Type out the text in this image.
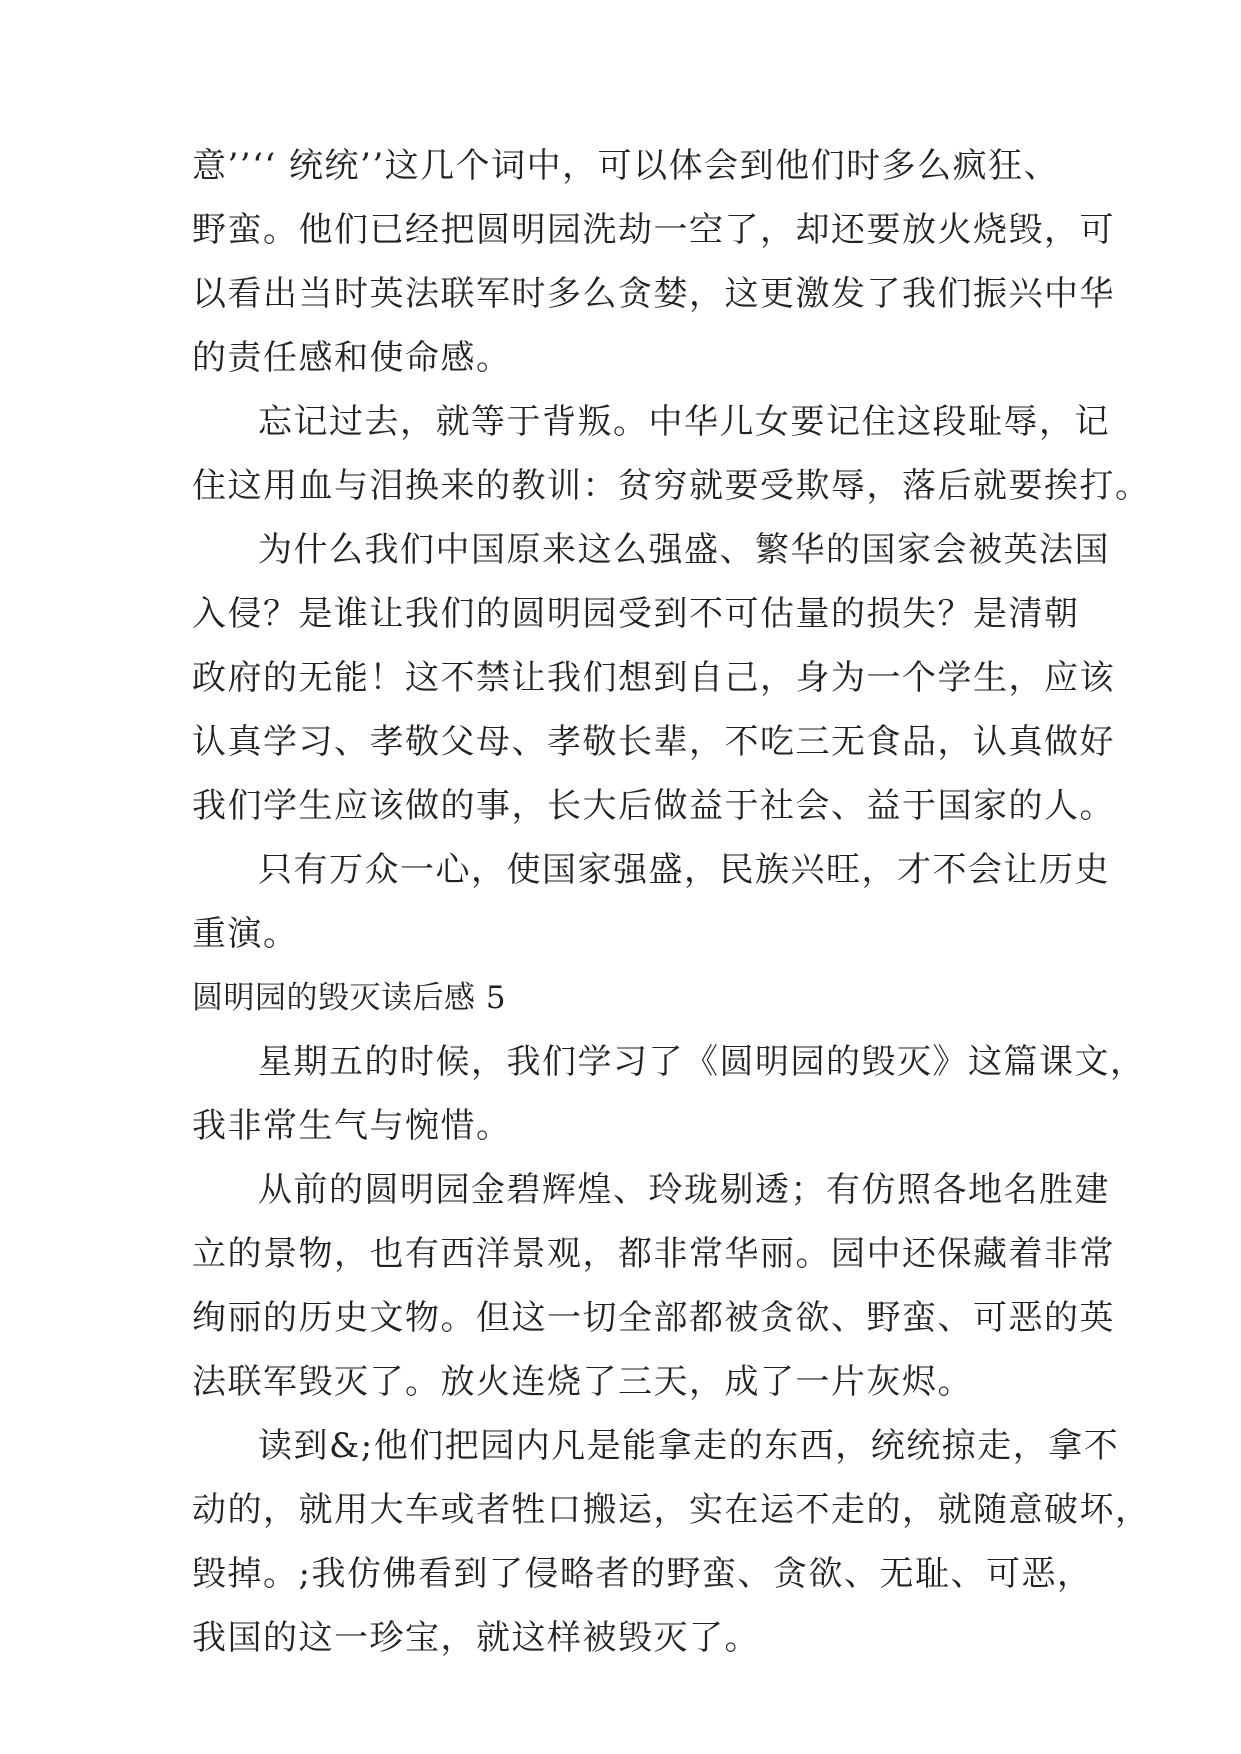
意’’‘‘ 统统’’这几个词中，可以体会到他们时多么疯狂、
野蛮。他们已经把圆明园洗劫一空了，却还要放火烧毁，可
以看出当时英法联军时多么贪婪，这更激发了我们振兴中华
的责任感和使命感。
忘记过去，就等于背叛。中华儿女要记住这段耻辱，记
住这用血与泪换来的教训：贫穷就要受欺辱，落后就要挨打。
为什么我们中国原来这么强盛、繁华的国家会被英法国
入侵？是谁让我们的圆明园受到不可估量的损失？是清朝
政府的无能！这不禁让我们想到自己，身为一个学生，应该
认真学习、孝敬父母、孝敬长辈，不吃三无食品，认真做好
我们学生应该做的事，长大后做益于社会、益于国家的人。
只有万众一心，使国家强盛，民族兴旺，才不会让历史
重演。
圆明园的毁灭读后感 5
星期五的时候，我们学习了《圆明园的毁灭》这篇课文，
我非常生气与惋惜。
从前的圆明园金碧辉煌、玲珑剔透；有仿照各地名胜建
立的景物，也有西洋景观，都非常华丽。园中还保藏着非常
绚丽的历史文物。但这一切全部都被贪欲、野蛮、可恶的英
法联军毁灭了。放火连烧了三天，成了一片灰烬。
读到&;他们把园内凡是能拿走的东西，统统掠走，拿不
动的，就用大车或者牲口搬运，实在运不走的，就随意破坏，
毁掉。;我仿佛看到了侵略者的野蛮、贪欲、无耻、可恶，
我国的这一珍宝，就这样被毁灭了。
